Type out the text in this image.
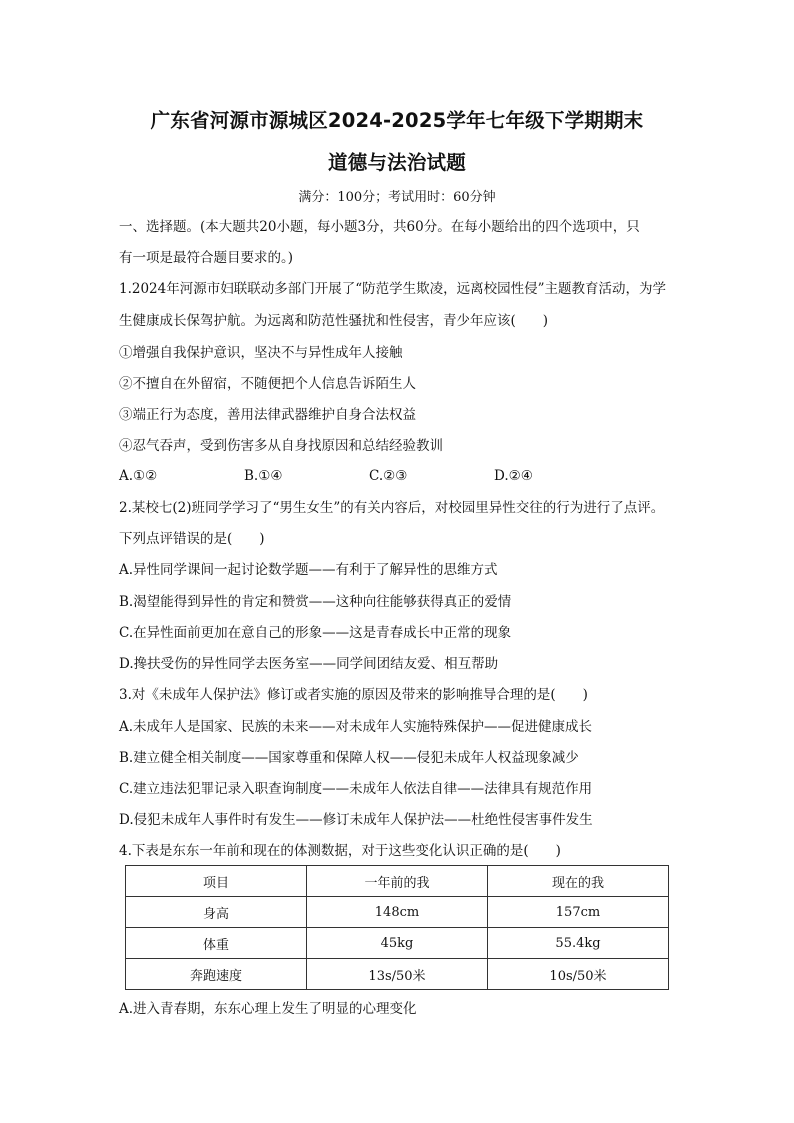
广东省河源市源城区2024-2025学年七年级下学期期末
道德与法治试题
满分：100分；考试用时：60分钟
一、选择题。(本大题共20小题，每小题3分，共60分。在每小题给出的四个选项中，只
有一项是最符合题目要求的。)
1.2024年河源市妇联联动多部门开展了“防范学生欺凌，远离校园性侵”主题教育活动，为学
生健康成长保驾护航。为远离和防范性骚扰和性侵害，青少年应该(　　)
①增强自我保护意识，坚决不与异性成年人接触
②不擅自在外留宿，不随便把个人信息告诉陌生人
③端正行为态度，善用法律武器维护自身合法权益
④忍气吞声，受到伤害多从自身找原因和总结经验教训
A.①②	B.①④	C.②③	D.②④
2.某校七(2)班同学学习了“男生女生”的有关内容后，对校园里异性交往的行为进行了点评。
下列点评错误的是(　　)
A.异性同学课间一起讨论数学题——有利于了解异性的思维方式
B.渴望能得到异性的肯定和赞赏——这种向往能够获得真正的爱情
C.在异性面前更加在意自己的形象——这是青春成长中正常的现象
D.搀扶受伤的异性同学去医务室——同学间团结友爱、相互帮助
3.对《未成年人保护法》修订或者实施的原因及带来的影响推导合理的是(　　)
A.未成年人是国家、民族的未来——对未成年人实施特殊保护——促进健康成长
B.建立健全相关制度——国家尊重和保障人权——侵犯未成年人权益现象减少
C.建立违法犯罪记录入职查询制度——未成年人依法自律——法律具有规范作用
D.侵犯未成年人事件时有发生——修订未成年人保护法——杜绝性侵害事件发生
4.下表是东东一年前和现在的体测数据，对于这些变化认识正确的是(　　)
项目	一年前的我	现在的我
身高	148cm	157cm
体重	45kg	55.4kg
奔跑速度	13s/50米	10s/50米
A.进入青春期，东东心理上发生了明显的心理变化
